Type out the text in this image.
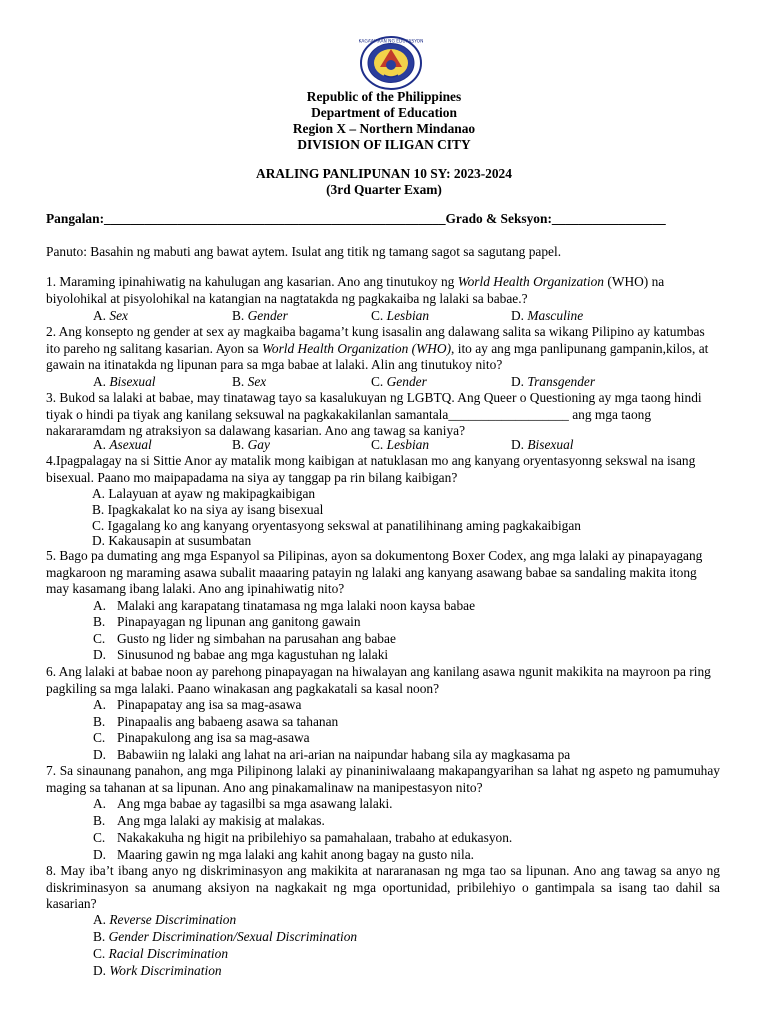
KAGAWARAN NG EDUKASYON
Republic of the Philippines
Department of Education
Region X – Northern Mindanao
DIVISION OF ILIGAN CITY
ARALING PANLIPUNAN 10 SY: 2023-2024
(3rd Quarter Exam)
Pangalan:___________________________________________________Grado & Seksyon:_________________

Panuto: Basahin ng mabuti ang bawat aytem. Isulat ang titik ng tamang sagot sa sagutang papel.

1. Maraming ipinahiwatig na kahulugan ang kasarian. Ano ang tinutukoy ng World Health Organization (WHO) na biyolohikal at pisyolohikal na katangian na nagtatakda ng pagkakaiba ng lalaki sa babae.?

A. Sex	B. Gender	C. Lesbian	D. Masculine

2. Ang konsepto ng gender at sex ay magkaiba bagama’t kung isasalin ang dalawang salita sa wikang Pilipino ay katumbas ito pareho ng salitang kasarian. Ayon sa World Health Organization (WHO), ito ay ang mga panlipunang gampanin,kilos, at gawain na itinatakda ng lipunan para sa mga babae at lalaki. Alin ang tinutukoy nito?

A. Bisexual	B. Sex	C. Gender	D. Transgender

3. Bukod sa lalaki at babae, may tinatawag tayo sa kasalukuyan ng LGBTQ. Ang Queer o Questioning ay mga taong hindi tiyak o hindi pa tiyak ang kanilang seksuwal na pagkakakilanlan samantala__________________ ang mga taong nakararamdam ng atraksiyon sa dalawang kasarian. Ano ang tawag sa kaniya?

A. Asexual	B. Gay	C. Lesbian	D. Bisexual

4.Ipagpalagay na si Sittie Anor ay matalik mong kaibigan at natuklasan mo ang kanyang oryentasyonng sekswal na isang bisexual. Paano mo maipapadama na siya ay tanggap pa rin bilang kaibigan?

A. Lalayuan at ayaw ng makipagkaibigan
B. Ipagkakalat ko na siya ay isang bisexual
C. Igagalang ko ang kanyang oryentasyong sekswal at panatilihinang aming pagkakaibigan
D. Kakausapin at susumbatan

5. Bago pa dumating ang mga Espanyol sa Pilipinas, ayon sa dokumentong Boxer Codex, ang mga lalaki ay pinapayagang magkaroon ng maraming asawa subalit maaaring patayin ng lalaki ang kanyang asawang babae sa sandaling makita itong may kasamang ibang lalaki. Ano ang ipinahiwatig nito?

A. Malaki ang karapatang tinatamasa ng mga lalaki noon kaysa babae
B. Pinapayagan ng lipunan ang ganitong gawain
C. Gusto ng lider ng simbahan na parusahan ang babae
D. Sinusunod ng babae ang mga kagustuhan ng lalaki

6. Ang lalaki at babae noon ay parehong pinapayagan na hiwalayan ang kanilang asawa ngunit makikita na mayroon pa ring pagkiling sa mga lalaki. Paano winakasan ang pagkakatali sa kasal noon?

A. Pinapapatay ang isa sa mag-asawa
B. Pinapaalis ang babaeng asawa sa tahanan
C. Pinapakulong ang isa sa mag-asawa
D. Babawiin ng lalaki ang lahat na ari-arian na naipundar habang sila ay magkasama pa

7. Sa sinaunang panahon, ang mga Pilipinong lalaki ay pinaniniwalaang makapangyarihan sa lahat ng aspeto ng pamumuhay maging sa tahanan at sa lipunan. Ano ang pinakamalinaw na manipestasyon nito?

A. Ang mga babae ay tagasilbi sa mga asawang lalaki.
B. Ang mga lalaki ay makisig at malakas.
C. Nakakakuha ng higit na pribilehiyo sa pamahalaan, trabaho at edukasyon.
D. Maaring gawin ng mga lalaki ang kahit anong bagay na gusto nila.

8. May iba’t ibang anyo ng diskriminasyon ang makikita at nararanasan ng mga tao sa lipunan. Ano ang tawag sa anyo ng diskriminasyon sa anumang aksiyon na nagkakait ng mga oportunidad, pribilehiyo o gantimpala sa isang tao dahil sa kasarian?

A. Reverse Discrimination
B. Gender Discrimination/Sexual Discrimination
C. Racial Discrimination
D. Work Discrimination
